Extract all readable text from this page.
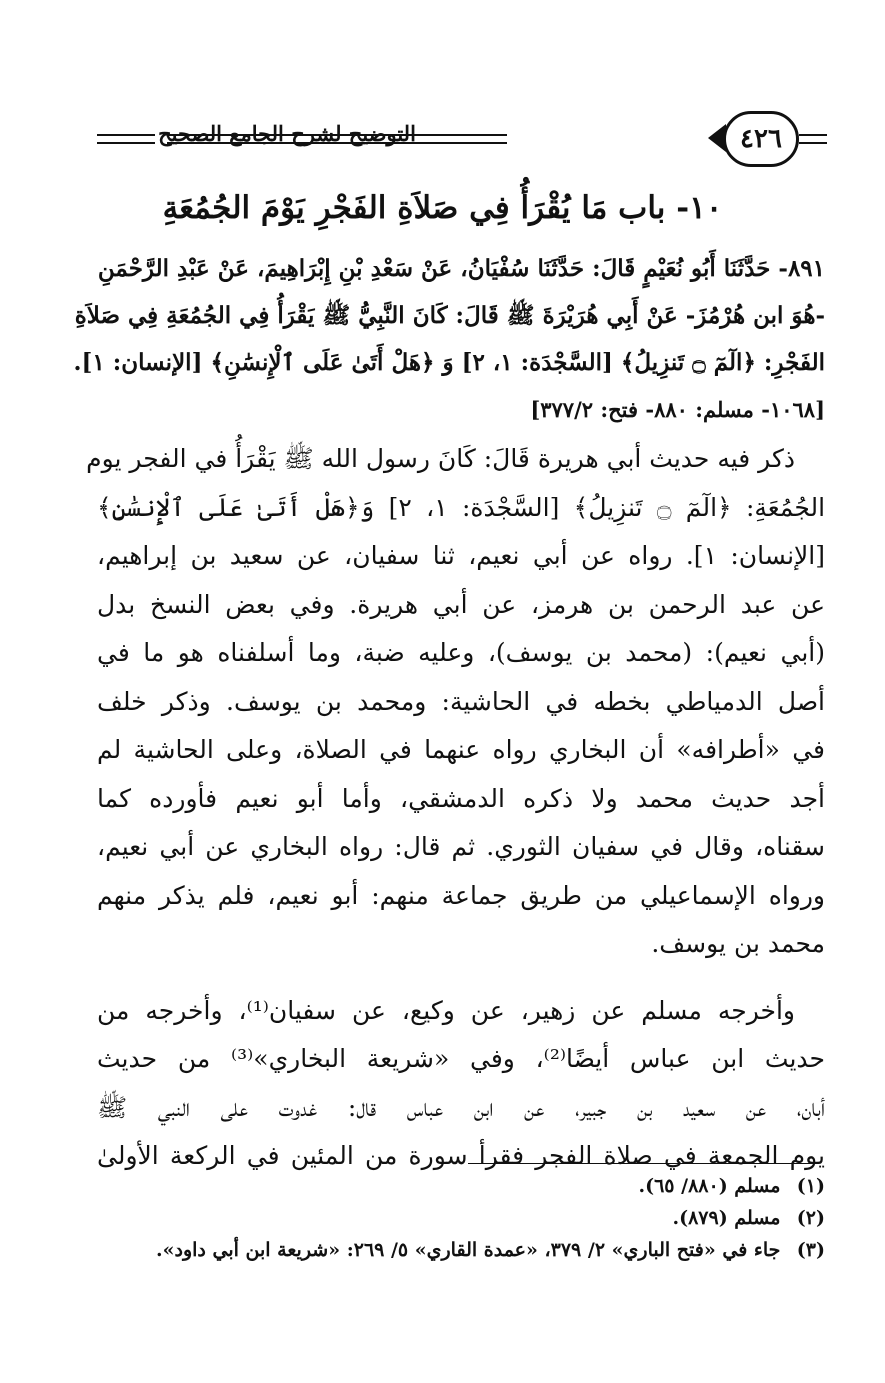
٤٢٦
التوضيح لشرح الجامع الصحيح
١٠- باب مَا يُقْرَأُ فِي صَلاَةِ الفَجْرِ يَوْمَ الجُمُعَةِ
٨٩١- حَدَّثَنَا أَبُو نُعَيْمٍ قَالَ: حَدَّثَنَا سُفْيَانُ، عَنْ سَعْدِ بْنِ إِبْرَاهِيمَ، عَنْ عَبْدِ الرَّحْمَنِ
-هُوَ ابن هُرْمُزَ- عَنْ أَبِي هُرَيْرَةَ ﷺ قَالَ: كَانَ النَّبِيُّ ﷺ يَقْرَأُ فِي الجُمُعَةِ فِي صَلاَةِ
الفَجْرِ: ﴿الٓمٓ ۝ تَنزِيلُ﴾ [السَّجْدَة: ١، ٢] وَ ﴿هَلْ أَتَىٰ عَلَى ٱلْإِنسَٰنِ﴾ [الإنسان: ١].
[١٠٦٨- مسلم: ٨٨٠- فتح: ٣٧٧/٢]
ذكر فيه حديث أبي هريرة قَالَ: كَانَ رسول الله ﷺ يَقْرَأُ في الفجر يوم
الجُمُعَةِ: ﴿الٓمٓ ۝ تَنزِيلُ﴾ [السَّجْدَة: ١، ٢] وَ﴿هَلْ أَتَىٰ عَلَى ٱلْإِنسَٰنِ﴾
[الإنسان: ١]. رواه عن أبي نعيم، ثنا سفيان، عن سعيد بن إبراهيم،
عن عبد الرحمن بن هرمز، عن أبي هريرة. وفي بعض النسخ بدل
(أبي نعيم): (محمد بن يوسف)، وعليه ضبة، وما أسلفناه هو ما في
أصل الدمياطي بخطه في الحاشية: ومحمد بن يوسف. وذكر خلف
في «أطرافه» أن البخاري رواه عنهما في الصلاة، وعلى الحاشية لم
أجد حديث محمد ولا ذكره الدمشقي، وأما أبو نعيم فأورده كما
سقناه، وقال في سفيان الثوري. ثم قال: رواه البخاري عن أبي نعيم،
ورواه الإسماعيلي من طريق جماعة منهم: أبو نعيم، فلم يذكر منهم
محمد بن يوسف.
وأخرجه مسلم عن زهير، عن وكيع، عن سفيان⁽¹⁾، وأخرجه من
حديث ابن عباس أيضًا⁽²⁾، وفي «شريعة البخاري»⁽³⁾ من حديث
أبان، عن سعيد بن جبير، عن ابن عباس قال: غدوت على النبي ﷺ
يوم الجمعة في صلاة الفجر فقرأ سورة من المئين في الركعة الأولىٰ
(١) مسلم (٨٨٠/ ٦٥).
(٢) مسلم (٨٧٩).
(٣) جاء في «فتح الباري» ٢/ ٣٧٩، «عمدة القاري» ٥/ ٢٦٩: «شريعة ابن أبي داود».
